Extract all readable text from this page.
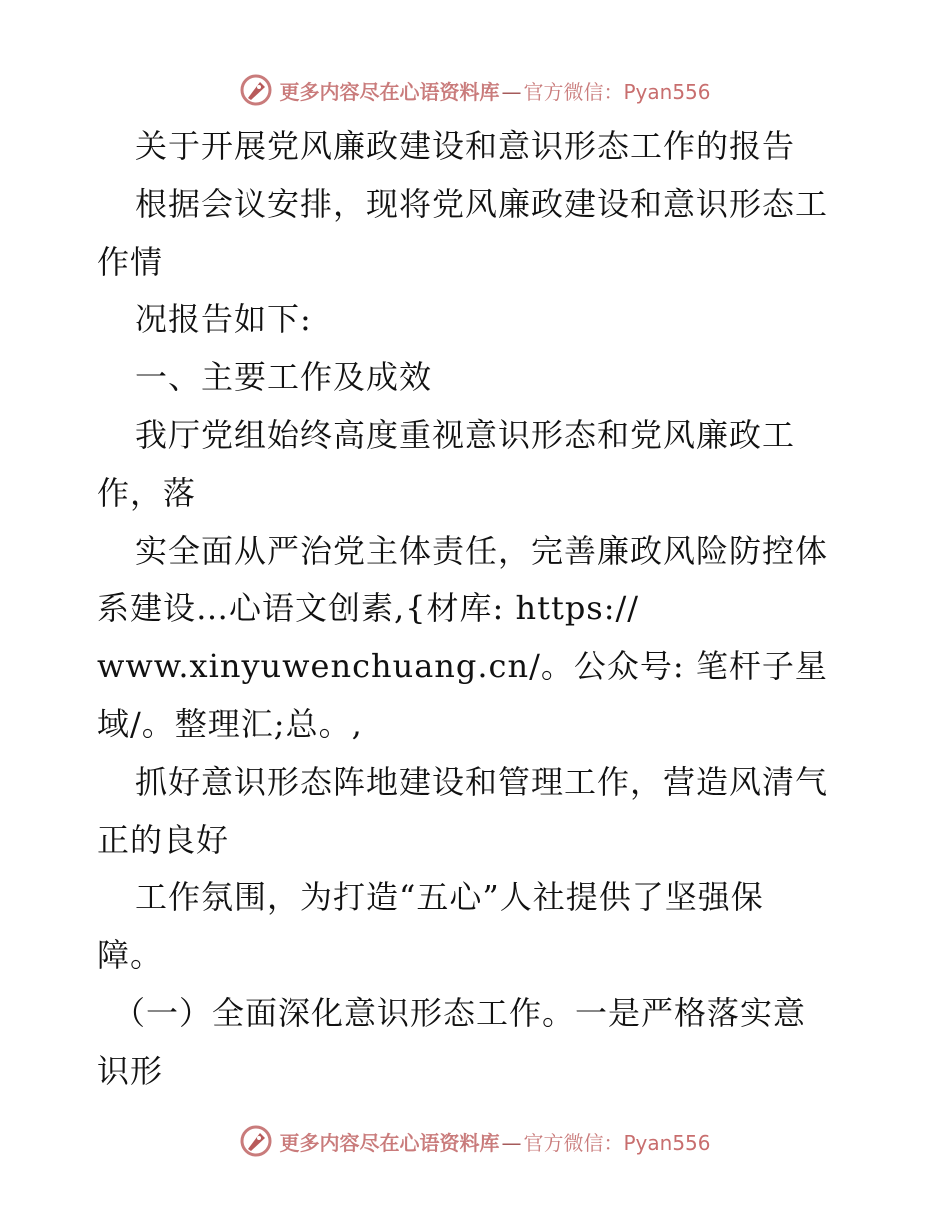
更多内容尽在心语资料库 — 官方微信：Pyan556
关于开展党风廉政建设和意识形态工作的报告
根据会议安排，现将党风廉政建设和意识形态工
作情
况报告如下:
一、主要工作及成效
我厅党组始终高度重视意识形态和党风廉政工
作，落
实全面从严治党主体责任，完善廉政风险防控体
系建设…心语文创素,{材库: https://
www.xinyuwenchuang.cn/。公众号: 笔杆子星
域/。整理汇;总。,
抓好意识形态阵地建设和管理工作，营造风清气
正的良好
工作氛围，为打造“五心”人社提供了坚强保
障。
（一）全面深化意识形态工作。一是严格落实意
识形
更多内容尽在心语资料库 — 官方微信：Pyan556
